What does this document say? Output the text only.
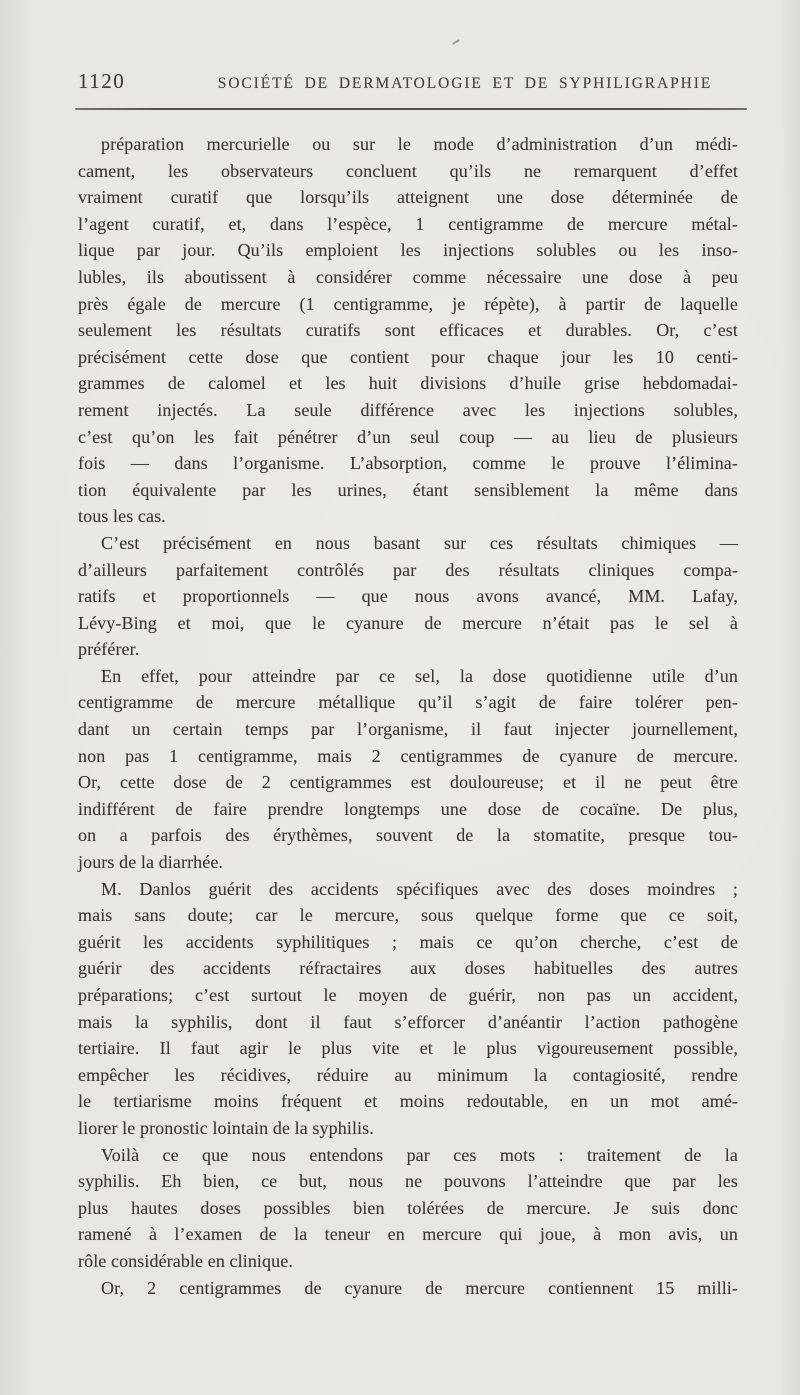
1120	SOCIÉTÉ DE DERMATOLOGIE ET DE SYPHILIGRAPHIE
préparation mercurielle ou sur le mode d’administration d’un médi-
cament, les observateurs concluent qu’ils ne remarquent d’effet
vraiment curatif que lorsqu’ils atteignent une dose déterminée de
l’agent curatif, et, dans l’espèce, 1 centigramme de mercure métal-
lique par jour. Qu’ils emploient les injections solubles ou les inso-
lubles, ils aboutissent à considérer comme nécessaire une dose à peu
près égale de mercure (1 centigramme, je répète), à partir de laquelle
seulement les résultats curatifs sont efficaces et durables. Or, c’est
précisément cette dose que contient pour chaque jour les 10 centi-
grammes de calomel et les huit divisions d’huile grise hebdomadai-
rement injectés. La seule différence avec les injections solubles,
c’est qu’on les fait pénétrer d’un seul coup — au lieu de plusieurs
fois — dans l’organisme. L’absorption, comme le prouve l’élimina-
tion équivalente par les urines, étant sensiblement la même dans
tous les cas.
C’est précisément en nous basant sur ces résultats chimiques —
d’ailleurs parfaitement contrôlés par des résultats cliniques compa-
ratifs et proportionnels — que nous avons avancé, MM. Lafay,
Lévy-Bing et moi, que le cyanure de mercure n’était pas le sel à
préférer.
En effet, pour atteindre par ce sel, la dose quotidienne utile d’un
centigramme de mercure métallique qu’il s’agit de faire tolérer pen-
dant un certain temps par l’organisme, il faut injecter journellement,
non pas 1 centigramme, mais 2 centigrammes de cyanure de mercure.
Or, cette dose de 2 centigrammes est douloureuse; et il ne peut être
indifférent de faire prendre longtemps une dose de cocaïne. De plus,
on a parfois des érythèmes, souvent de la stomatite, presque tou-
jours de la diarrhée.
M. Danlos guérit des accidents spécifiques avec des doses moindres ;
mais sans doute; car le mercure, sous quelque forme que ce soit,
guérit les accidents syphilitiques ; mais ce qu’on cherche, c’est de
guérir des accidents réfractaires aux doses habituelles des autres
préparations; c’est surtout le moyen de guérir, non pas un accident,
mais la syphilis, dont il faut s’efforcer d’anéantir l’action pathogène
tertiaire. Il faut agir le plus vite et le plus vigoureusement possible,
empêcher les récidives, réduire au minimum la contagiosité, rendre
le tertiarisme moins fréquent et moins redoutable, en un mot amé-
liorer le pronostic lointain de la syphilis.
Voilà ce que nous entendons par ces mots : traitement de la
syphilis. Eh bien, ce but, nous ne pouvons l’atteindre que par les
plus hautes doses possibles bien tolérées de mercure. Je suis donc
ramené à l’examen de la teneur en mercure qui joue, à mon avis, un
rôle considérable en clinique.
Or, 2 centigrammes de cyanure de mercure contiennent 15 milli-
